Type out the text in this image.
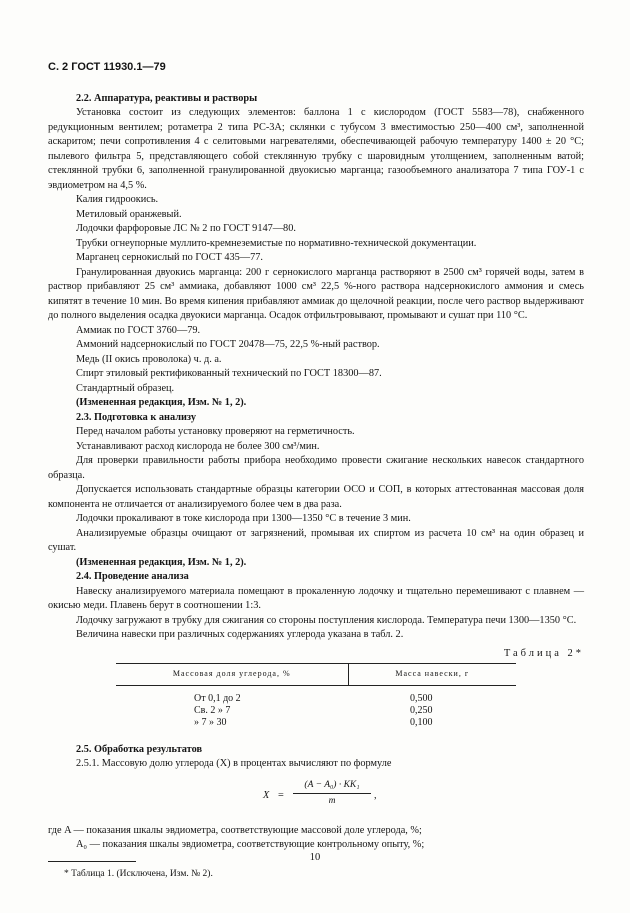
С. 2 ГОСТ 11930.1—79

2.2. Аппаратура, реактивы и растворы

Установка состоит из следующих элементов: баллона 1 с кислородом (ГОСТ 5583—78), снабженного редукционным вентилем; ротаметра 2 типа РС-3А; склянки с тубусом 3 вместимостью 250—400 см³, заполненной аскаритом; печи сопротивления 4 с селитовыми нагревателями, обеспечивающей рабочую температуру 1400 ± 20 °С; пылевого фильтра 5, представляющего собой стеклянную трубку с шаровидным утолщением, заполненным ватой; стеклянной трубки 6, заполненной гранулированной двуокисью марганца; газообъемного анализатора 7 типа ГОУ-1 с эвдиометром на 4,5 %.

Калия гидроокись.

Метиловый оранжевый.

Лодочки фарфоровые ЛС № 2 по ГОСТ 9147—80.

Трубки огнеупорные муллито-кремнеземистые по нормативно-технической документации.

Марганец сернокислый по ГОСТ 435—77.

Гранулированная двуокись марганца: 200 г сернокислого марганца растворяют в 2500 см³ горячей воды, затем в раствор прибавляют 25 см³ аммиака, добавляют 1000 см³ 22,5 %-ного раствора надсернокислого аммония и смесь кипятят в течение 10 мин. Во время кипения прибавляют аммиак до щелочной реакции, после чего раствор выдерживают до полного выделения осадка двуокиси марганца. Осадок отфильтровывают, промывают и сушат при 110 °С.

Аммиак по ГОСТ 3760—79.

Аммоний надсернокислый по ГОСТ 20478—75, 22,5 %-ный раствор.

Медь (II окись проволока) ч. д. а.

Спирт этиловый ректификованный технический по ГОСТ 18300—87.

Стандартный образец.

(Измененная редакция, Изм. № 1, 2).

2.3. Подготовка к анализу

Перед началом работы установку проверяют на герметичность.

Устанавливают расход кислорода не более 300 см³/мин.

Для проверки правильности работы прибора необходимо провести сжигание нескольких навесок стандартного образца.

Допускается использовать стандартные образцы категории ОСО и СОП, в которых аттестованная массовая доля компонента не отличается от анализируемого более чем в два раза.

Лодочки прокаливают в токе кислорода при 1300—1350 °С в течение 3 мин.

Анализируемые образцы очищают от загрязнений, промывая их спиртом из расчета 10 см³ на один образец и сушат.

(Измененная редакция, Изм. № 1, 2).

2.4. Проведение анализа

Навеску анализируемого материала помещают в прокаленную лодочку и тщательно перемешивают с плавнем — окисью меди. Плавень берут в соотношении 1:3.

Лодочку загружают в трубку для сжигания со стороны поступления кислорода. Температура печи 1300—1350 °С.

Величина навески при различных содержаниях углерода указана в табл. 2.

Таблица 2*
Массовая доля углерода, %	Масса навески, г
От 0,1 до 2	0,500
Св. 2 » 7	0,250
» 7 » 30	0,100

2.5. Обработка результатов

2.5.1. Массовую долю углерода (X) в процентах вычисляют по формуле

X =
(A − A₀) · KK₁
m
,

где A — показания шкалы эвдиометра, соответствующие массовой доле углерода, %;

A₀ — показания шкалы эвдиометра, соответствующие контрольному опыту, %;

* Таблица 1. (Исключена, Изм. № 2).

10
